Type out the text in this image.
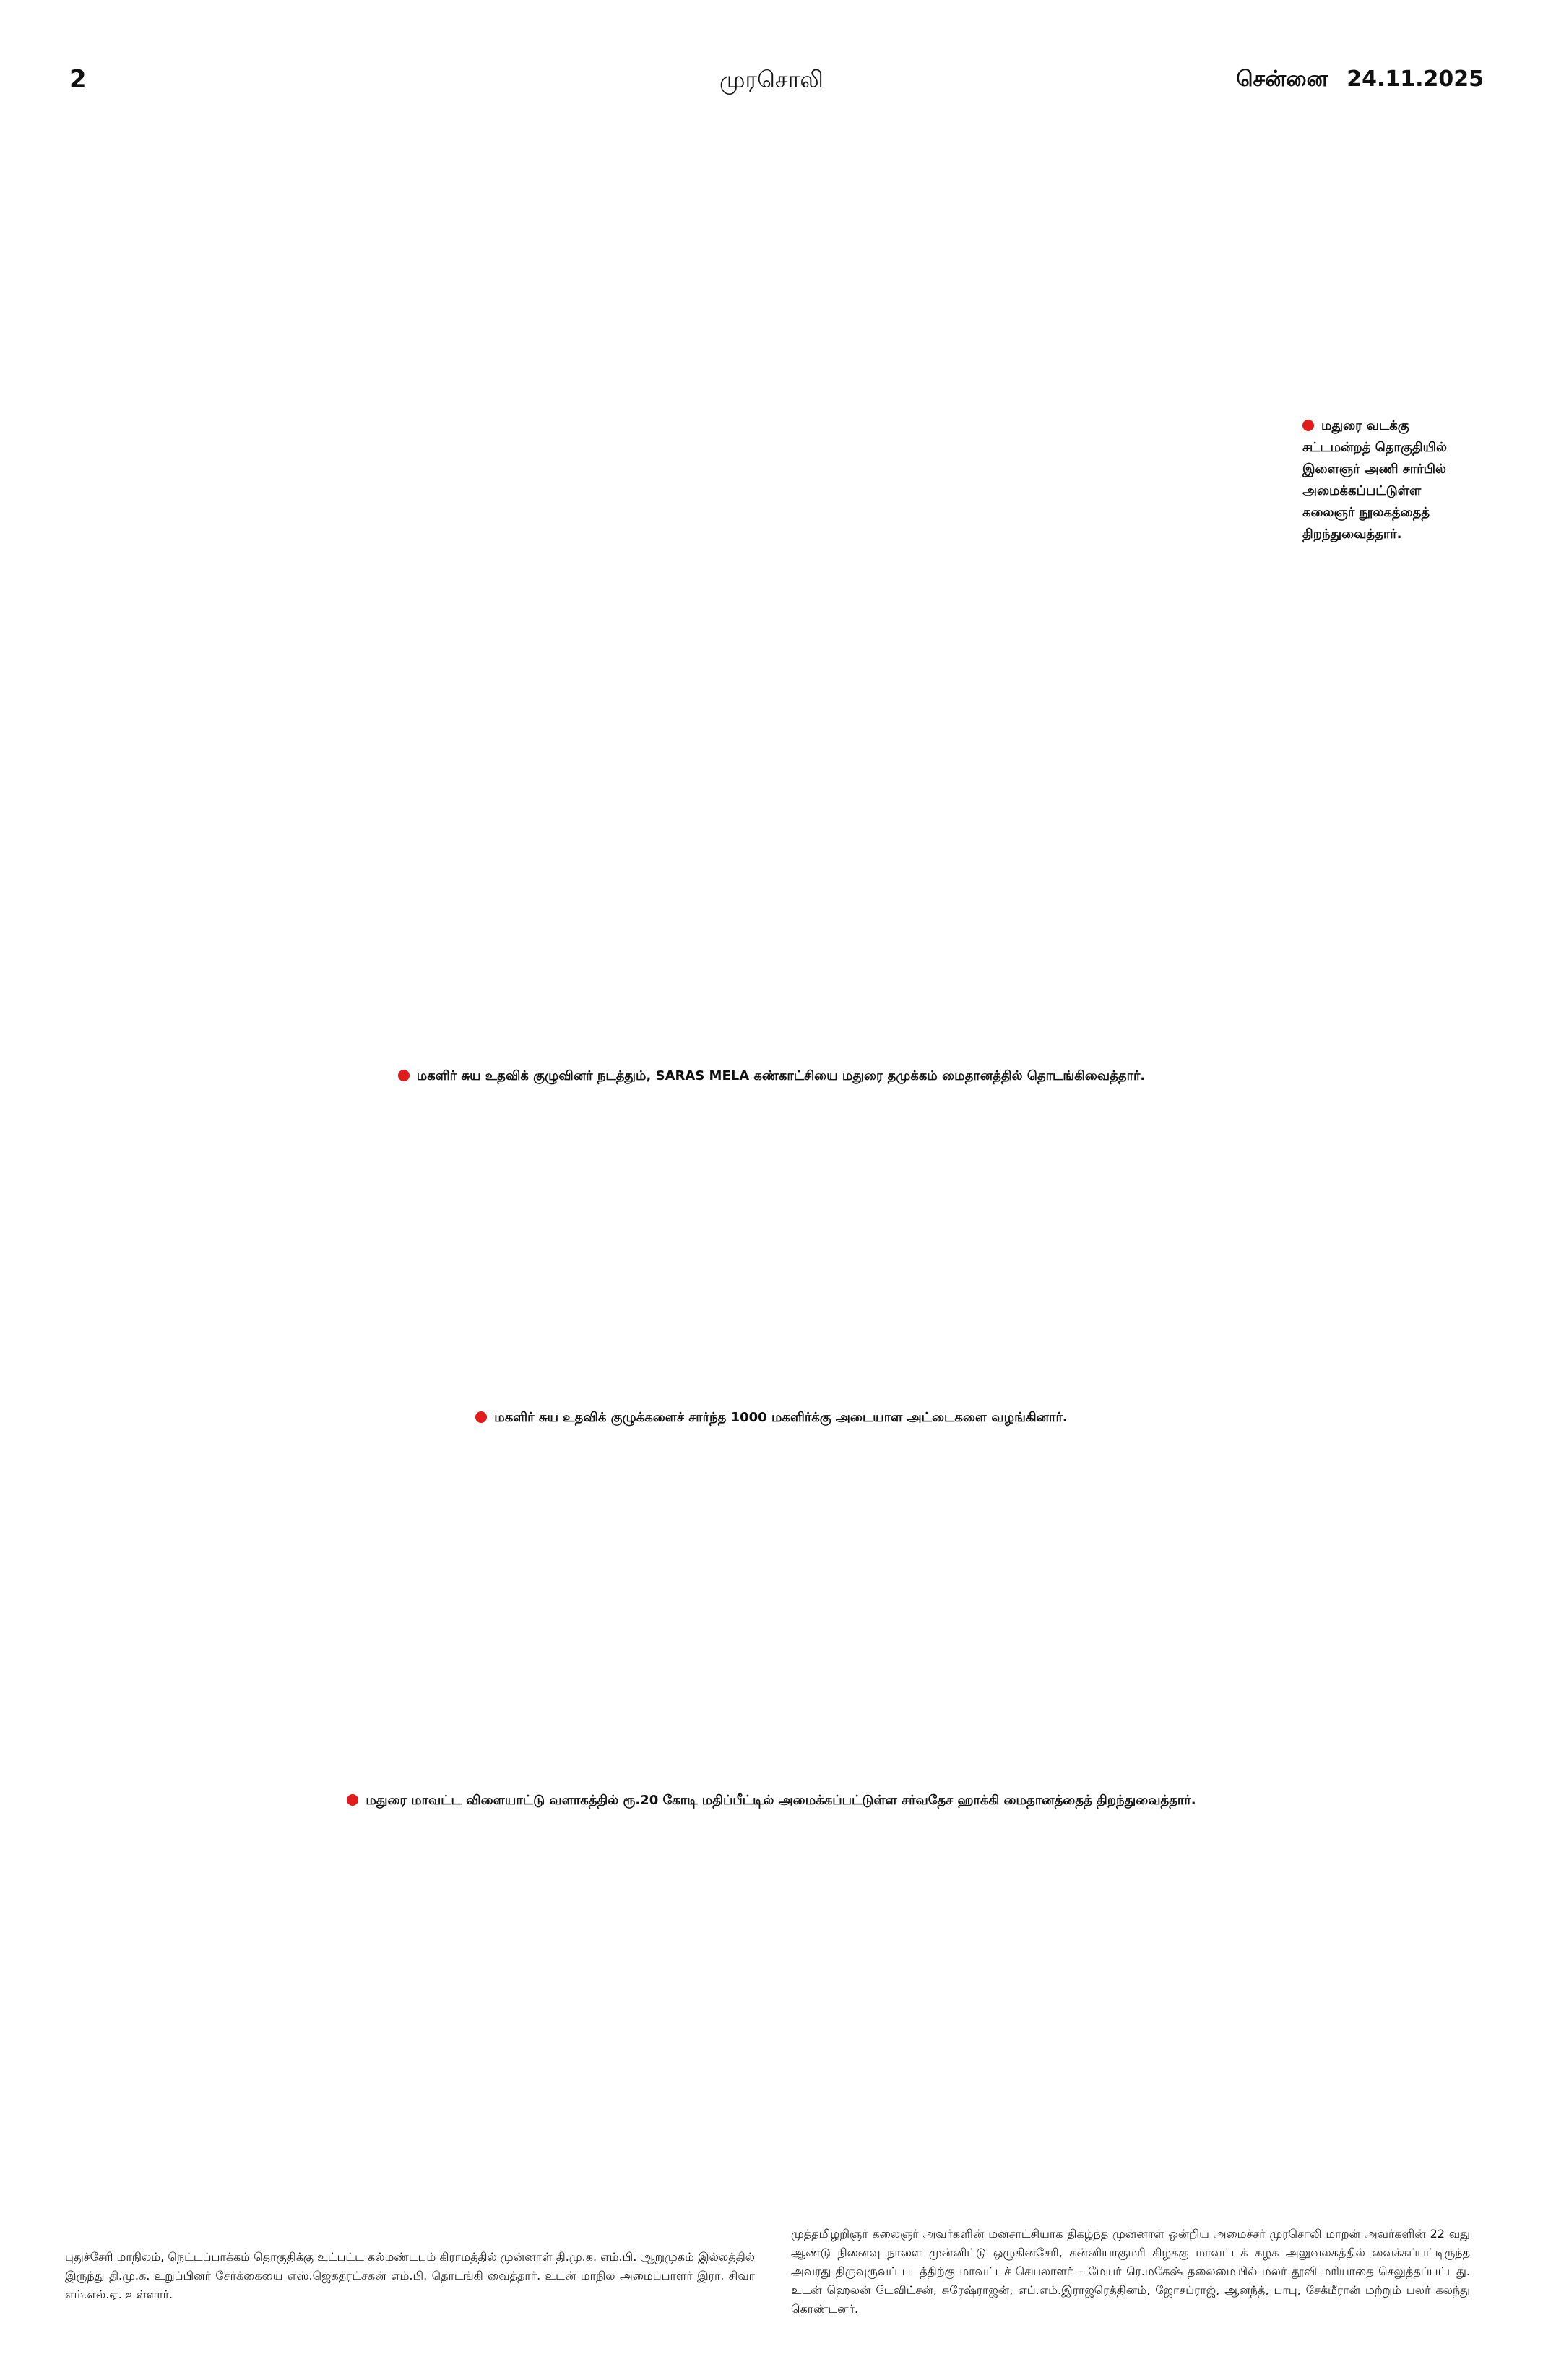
2	முரசொலி	சென்னை 24.11.2025
மதுரை வடக்கு சட்டமன்றத் தொகுதியில் இளைஞர் அணி சார்பில் அமைக்கப்பட்டுள்ள கலைஞர் நூலகத்தைத் திறந்துவைத்தார்.
மகளிர் சுய உதவிக் குழுவினர் நடத்தும், SARAS MELA கண்காட்சியை மதுரை தமுக்கம் மைதானத்தில் தொடங்கிவைத்தார்.
மகளிர் சுய உதவிக் குழுக்களைச் சார்ந்த 1000 மகளிர்க்கு அடையாள அட்டைகளை வழங்கினார்.
மதுரை மாவட்ட விளையாட்டு வளாகத்தில் ரூ.20 கோடி மதிப்பீட்டில் அமைக்கப்பட்டுள்ள சர்வதேச ஹாக்கி மைதானத்தைத் திறந்துவைத்தார்.
புதுச்சேரி மாநிலம், நெட்டப்பாக்கம் தொகுதிக்கு உட்பட்ட கல்மண்டபம் கிராமத்தில் முன்னாள் தி.மு.க. எம்.பி. ஆறுமுகம் இல்லத்தில் இருந்து தி.மு.க. உறுப்பினர் சேர்க்கையை எஸ்.ஜெகத்ரட்சகன் எம்.பி. தொடங்கி வைத்தார். உடன் மாநில அமைப்பாளர் இரா. சிவா எம்.எல்.ஏ. உள்ளார்.
முத்தமிழறிஞர் கலைஞர் அவர்களின் மனசாட்சியாக திகழ்ந்த முன்னாள் ஒன்றிய அமைச்சர் முரசொலி மாறன் அவர்களின் 22 வது ஆண்டு நினைவு நாளை முன்னிட்டு ஒழுகினசேரி, கன்னியாகுமரி கிழக்கு மாவட்டக் கழக அலுவலகத்தில் வைக்கப்பட்டிருந்த அவரது திருவுருவப் படத்திற்கு மாவட்டச் செயலாளர் – மேயர் ரெ.மகேஷ் தலைமையில் மலர் தூவி மரியாதை செலுத்தப்பட்டது. உடன் ஹெலன் டேவிட்சன், சுரேஷ்ராஜன், எப்.எம்.இராஜரெத்தினம், ஜோசப்ராஜ், ஆனந்த், பாபு, சேக்மீரான் மற்றும் பலர் கலந்து கொண்டனர்.
